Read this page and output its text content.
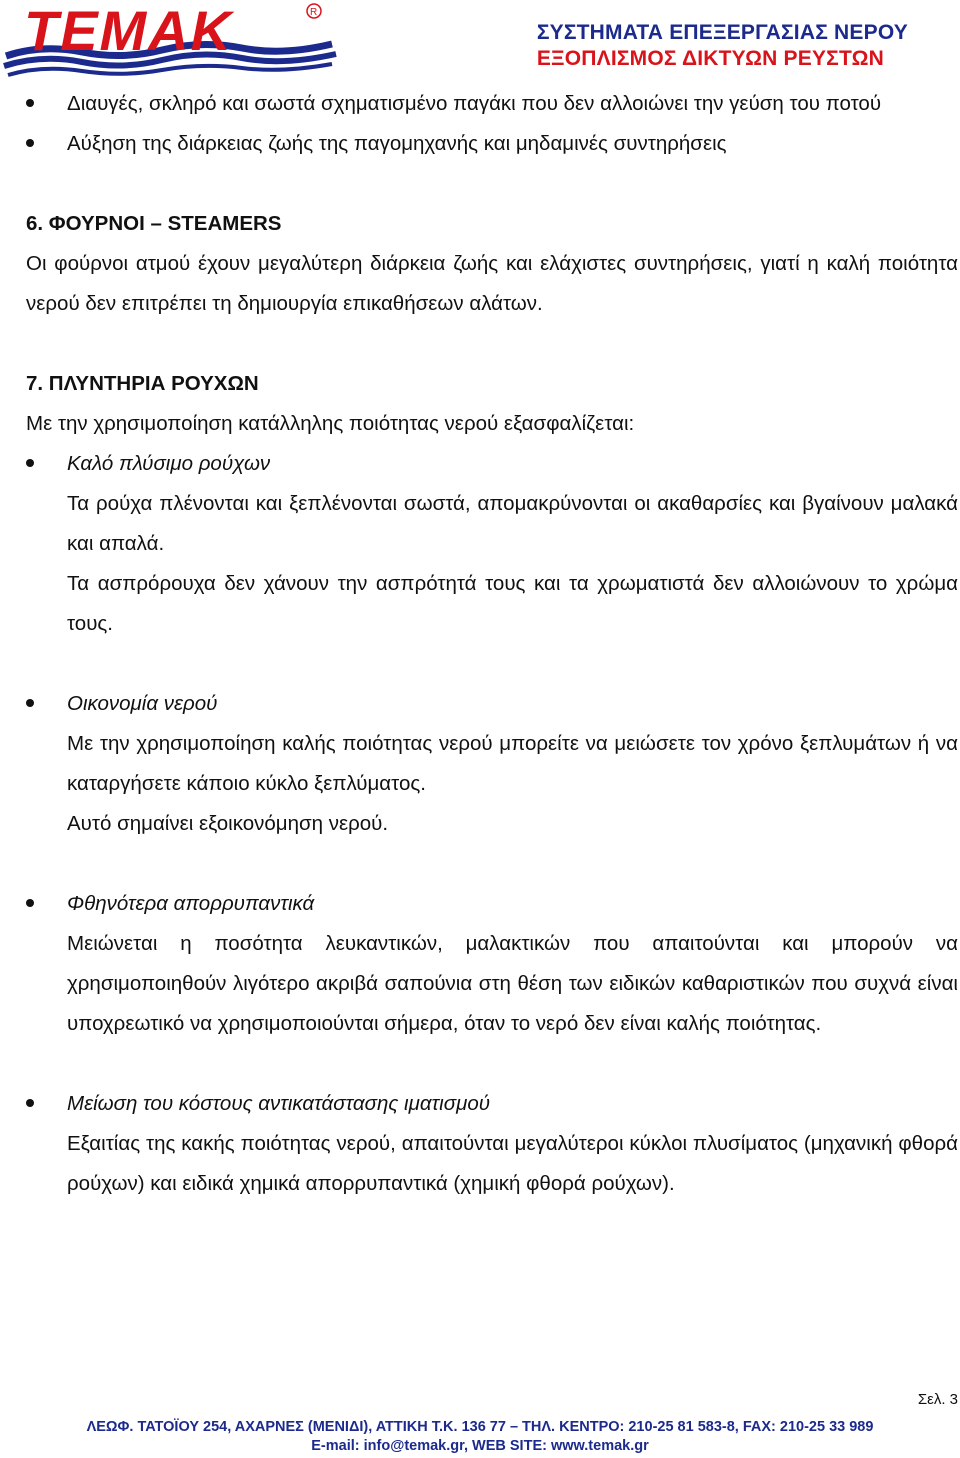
ΤΕΜΑΚ	R
ΣΥΣΤΗΜΑΤΑ ΕΠΕΞΕΡΓΑΣΙΑΣ ΝΕΡΟΥ
ΕΞΟΠΛΙΣΜΟΣ ΔΙΚΤΥΩΝ ΡΕΥΣΤΩΝ
Διαυγές, σκληρό και σωστά σχηματισμένο παγάκι που δεν αλλοιώνει την γεύση του ποτού
Αύξηση της διάρκειας ζωής της παγομηχανής και μηδαμινές συντηρήσεις
6. ΦΟΥΡΝΟΙ – STEAMERS
Οι φούρνοι ατμού έχουν μεγαλύτερη διάρκεια ζωής και ελάχιστες συντηρήσεις, γιατί η καλή ποιότητα νερού δεν επιτρέπει τη δημιουργία επικαθήσεων αλάτων.
7. ΠΛΥΝΤΗΡΙΑ ΡΟΥΧΩΝ
Με την χρησιμοποίηση κατάλληλης ποιότητας νερού εξασφαλίζεται:
Καλό πλύσιμο ρούχων
Τα ρούχα πλένονται και ξεπλένονται σωστά, απομακρύνονται οι ακαθαρσίες και βγαίνουν μαλακά και απαλά.
Τα ασπρόρουχα δεν χάνουν την ασπρότητά τους και τα χρωματιστά δεν αλλοιώνουν το χρώμα τους.
Οικονομία νερού
Με την χρησιμοποίηση καλής ποιότητας νερού μπορείτε να μειώσετε τον χρόνο ξεπλυμάτων ή να καταργήσετε κάποιο κύκλο ξεπλύματος.
Αυτό σημαίνει εξοικονόμηση νερού.
Φθηνότερα απορρυπαντικά
Μειώνεται η ποσότητα λευκαντικών, μαλακτικών που απαιτούνται και μπορούν να χρησιμοποιηθούν λιγότερο ακριβά σαπούνια στη θέση των ειδικών καθαριστικών που συχνά είναι υποχρεωτικό να χρησιμοποιούνται σήμερα, όταν το νερό δεν είναι καλής ποιότητας.
Μείωση του κόστους αντικατάστασης ιματισμού
Εξαιτίας της κακής ποιότητας νερού, απαιτούνται μεγαλύτεροι κύκλοι πλυσίματος (μηχανική φθορά ρούχων) και ειδικά χημικά απορρυπαντικά (χημική φθορά ρούχων).
Σελ. 3
ΛΕΩΦ. ΤΑΤΟΪΟΥ 254, ΑΧΑΡΝΕΣ (ΜΕΝΙΔΙ), ΑΤΤΙΚΗ Τ.Κ. 136 77 – ΤΗΛ. ΚΕΝΤΡΟ: 210-25 81 583-8, FAX: 210-25 33 989
E-mail: info@temak.gr, WEB SITE: www.temak.gr
